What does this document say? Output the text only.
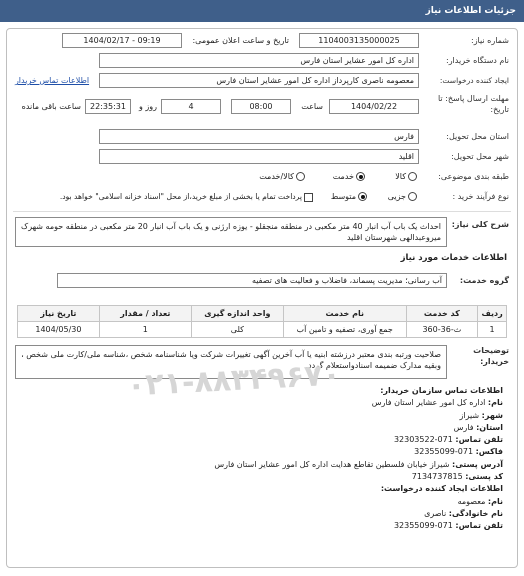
جزئیات اطلاعات نیاز
شماره نیاز:
1104003135000025
تاریخ و ساعت اعلان عمومی:
1404/02/17 - 09:19
نام دستگاه خریدار:
اداره کل امور عشایر استان فارس
ایجاد کننده درخواست:
معصومه ناصری کارپرداز اداره کل امور عشایر استان فارس
اطلاعات تماس خریدار
مهلت ارسال پاسخ: تا تاریخ:
1404/02/22
ساعت
08:00
4
روز و
22:35:31
ساعت باقی مانده
استان محل تحویل:
فارس
شهر محل تحویل:
اقلید
طبقه بندی موضوعی:
کالا
خدمت
کالا/خدمت
نوع فرآیند خرید :
جزیی
متوسط
پرداخت تمام یا بخشی از مبلغ خرید،از محل "اسناد خزانه اسلامی" خواهد بود.
شرح کلی نیاز:
احداث یک باب آب انبار 40 متر مکعبی در منطقه منجقلو - یوزه ارژنی و یک باب آب انبار 20 متر مکعبی در منطقه حومه شهرک میروعبدالهی شهرستان اقلید
اطلاعات خدمات مورد نیاز
گروه خدمت:
آب رسانی؛ مدیریت پسماند، فاضلاب و فعالیت های تصفیه
ردیف	کد خدمت	نام خدمت	واحد اندازه گیری	تعداد / مقدار	تاریخ نیاز
1	ث-36-360	جمع آوری، تصفیه و تامین آب	کلی	1	1404/05/30
توضیحات خریدار:
صلاحیت ورتبه بندی معتبر درزشته ابنیه یا آب آخرین آگهی تغییرات شرکت ویا شناسنامه شخص ،شناسه ملی/کارت ملی شخص ، وبقیه مدارک ضمیمه اسنادواستعلام گردد.
۰۲۱-۸۸۳۴۹۶۷۰	اطلاعات تماس سازمان خریدار:
نام: اداره کل امور عشایر استان فارس
شهر: شیراز
استان: فارس
تلفن تماس: 071-32303522
فاکس: 071-32355099
آدرس پستی: شیراز خیابان فلسطین تقاطع هدایت اداره کل امور عشایر استان فارس
کد پستی: 7134737815
اطلاعات ایجاد کننده درخواست:
نام: معصومه
نام خانوادگی: ناصری
تلفن تماس: 071-32355099
